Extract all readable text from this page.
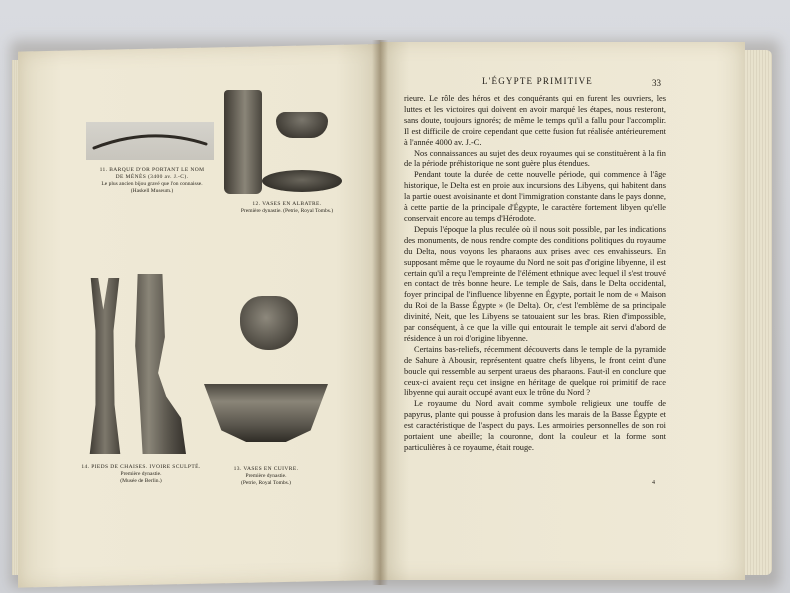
11. BARQUE D'OR PORTANT LE NOM
DE MÉNÈS (3400 av. J.-C).
Le plus ancien bijou gravé que l'on connaisse.
(Haskell Museum.)
12. VASES EN ALBATRE.
Première dynastie. (Petrie, Royal Tombs.)
14. PIEDS DE CHAISES. IVOIRE SCULPTÉ.
Première dynastie.
(Musée de Berlin.)
13. VASES EN CUIVRE.
Première dynastie.
(Petrie, Royal Tombs.)
L'ÉGYPTE PRIMITIVE	33

rieure. Le rôle des héros et des conquérants qui en furent les ouvriers, les luttes et les victoires qui doivent en avoir marqué les étapes, nous resteront, sans doute, toujours ignorés; de même le temps qu'il a fallu pour l'accomplir. Il est difficile de croire cependant que cette fusion fut réalisée antérieurement à l'année 4000 av. J.-C.

Nos connaissances au sujet des deux royaumes qui se constituèrent à la fin de la période préhistorique ne sont guère plus étendues.

Pendant toute la durée de cette nouvelle période, qui commence à l'âge historique, le Delta est en proie aux incursions des Libyens, qui habitent dans la partie ouest avoisinante et dont l'immigration constante dans le pays donne, à cette partie de la principale d'Égypte, le caractère fortement libyen qu'elle conservait encore au temps d'Hérodote.

Depuis l'époque la plus reculée où il nous soit possible, par les indications des monuments, de nous rendre compte des conditions politiques du royaume du Delta, nous voyons les pharaons aux prises avec ces envahisseurs. En supposant même que le royaume du Nord ne soit pas d'origine libyenne, il est certain qu'il a reçu l'empreinte de l'élément ethnique avec lequel il s'est trouvé en contact de très bonne heure. Le temple de Saïs, dans le Delta occidental, foyer principal de l'influence libyenne en Égypte, portait le nom de « Maison du Roi de la Basse Égypte » (le Delta). Or, c'est l'emblème de sa principale divinité, Neit, que les Libyens se tatouaient sur les bras. Rien d'impossible, par conséquent, à ce que la ville qui entourait le temple ait servi d'abord de résidence à un roi d'origine libyenne.

Certains bas-reliefs, récemment découverts dans le temple de la pyramide de Sahure à Abousir, représentent quatre chefs libyens, le front ceint d'une boucle qui ressemble au serpent uraeus des pharaons. Faut-il en conclure que ceux-ci avaient reçu cet insigne en héritage de quelque roi primitif de race libyenne qui aurait occupé avant eux le trône du Nord ?

Le royaume du Nord avait comme symbole religieux une touffe de papyrus, plante qui pousse à profusion dans les marais de la Basse Égypte et est caractéristique de l'aspect du pays. Les armoiries personnelles de son roi portaient une abeille; la couronne, dont la couleur et la forme sont particulières à ce royaume, était rouge.

4
